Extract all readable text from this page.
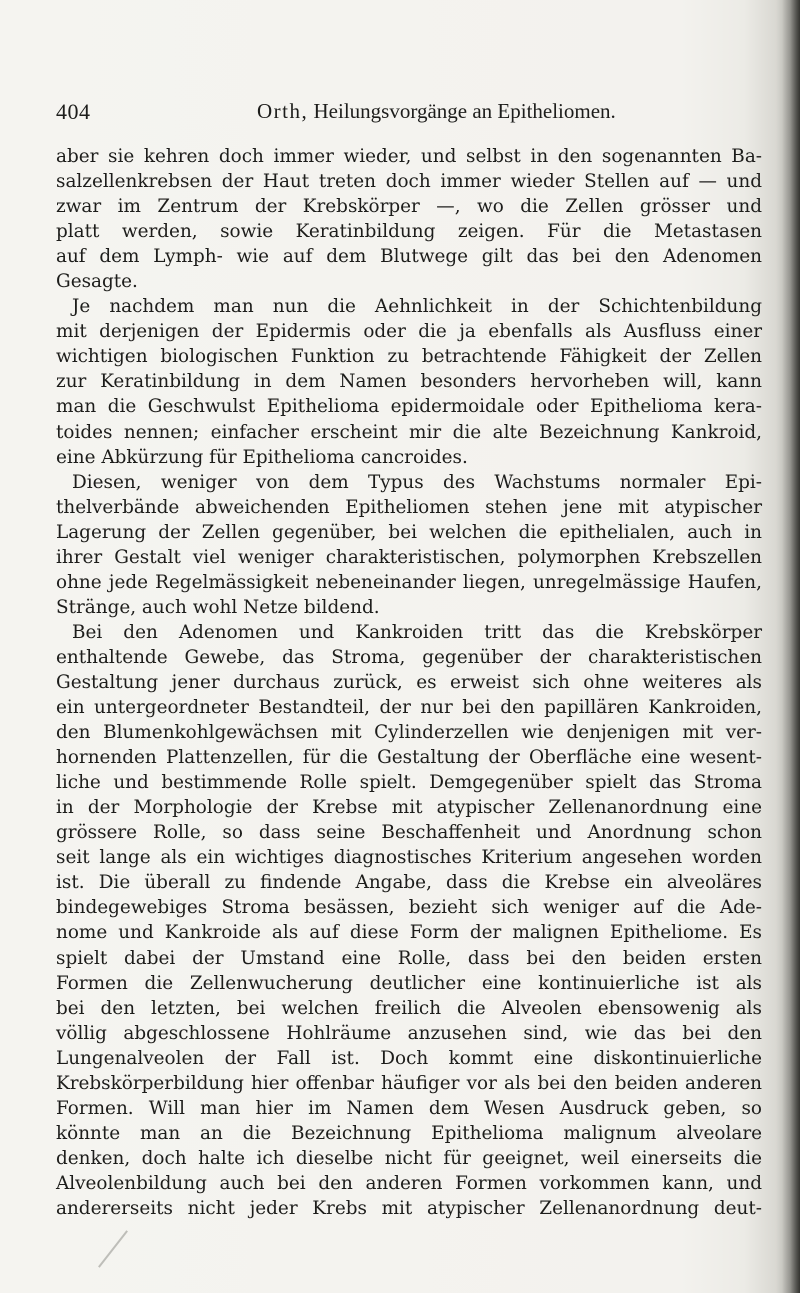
404	Orth, Heilungsvorgänge an Epitheliomen.
aber sie kehren doch immer wieder, und selbst in den sogenannten Ba-
salzellenkrebsen der Haut treten doch immer wieder Stellen auf — und
zwar im Zentrum der Krebskörper —, wo die Zellen grösser und
platt werden, sowie Keratinbildung zeigen. Für die Metastasen
auf dem Lymph- wie auf dem Blutwege gilt das bei den Adenomen
Gesagte.
Je nachdem man nun die Aehnlichkeit in der Schichtenbildung
mit derjenigen der Epidermis oder die ja ebenfalls als Ausfluss einer
wichtigen biologischen Funktion zu betrachtende Fähigkeit der Zellen
zur Keratinbildung in dem Namen besonders hervorheben will, kann
man die Geschwulst Epithelioma epidermoidale oder Epithelioma kera-
toides nennen; einfacher erscheint mir die alte Bezeichnung Kankroid,
eine Abkürzung für Epithelioma cancroides.
Diesen, weniger von dem Typus des Wachstums normaler Epi-
thelverbände abweichenden Epitheliomen stehen jene mit atypischer
Lagerung der Zellen gegenüber, bei welchen die epithelialen, auch in
ihrer Gestalt viel weniger charakteristischen, polymorphen Krebszellen
ohne jede Regelmässigkeit nebeneinander liegen, unregelmässige Haufen,
Stränge, auch wohl Netze bildend.
Bei den Adenomen und Kankroiden tritt das die Krebskörper
enthaltende Gewebe, das Stroma, gegenüber der charakteristischen
Gestaltung jener durchaus zurück, es erweist sich ohne weiteres als
ein untergeordneter Bestandteil, der nur bei den papillären Kankroiden,
den Blumenkohlgewächsen mit Cylinderzellen wie denjenigen mit ver-
hornenden Plattenzellen, für die Gestaltung der Oberfläche eine wesent-
liche und bestimmende Rolle spielt. Demgegenüber spielt das Stroma
in der Morphologie der Krebse mit atypischer Zellenanordnung eine
grössere Rolle, so dass seine Beschaffenheit und Anordnung schon
seit lange als ein wichtiges diagnostisches Kriterium angesehen worden
ist. Die überall zu findende Angabe, dass die Krebse ein alveoläres
bindegewebiges Stroma besässen, bezieht sich weniger auf die Ade-
nome und Kankroide als auf diese Form der malignen Epitheliome. Es
spielt dabei der Umstand eine Rolle, dass bei den beiden ersten
Formen die Zellenwucherung deutlicher eine kontinuierliche ist als
bei den letzten, bei welchen freilich die Alveolen ebensowenig als
völlig abgeschlossene Hohlräume anzusehen sind, wie das bei den
Lungenalveolen der Fall ist. Doch kommt eine diskontinuierliche
Krebskörperbildung hier offenbar häufiger vor als bei den beiden anderen
Formen. Will man hier im Namen dem Wesen Ausdruck geben, so
könnte man an die Bezeichnung Epithelioma malignum alveolare
denken, doch halte ich dieselbe nicht für geeignet, weil einerseits die
Alveolenbildung auch bei den anderen Formen vorkommen kann, und
andererseits nicht jeder Krebs mit atypischer Zellenanordnung deut-
